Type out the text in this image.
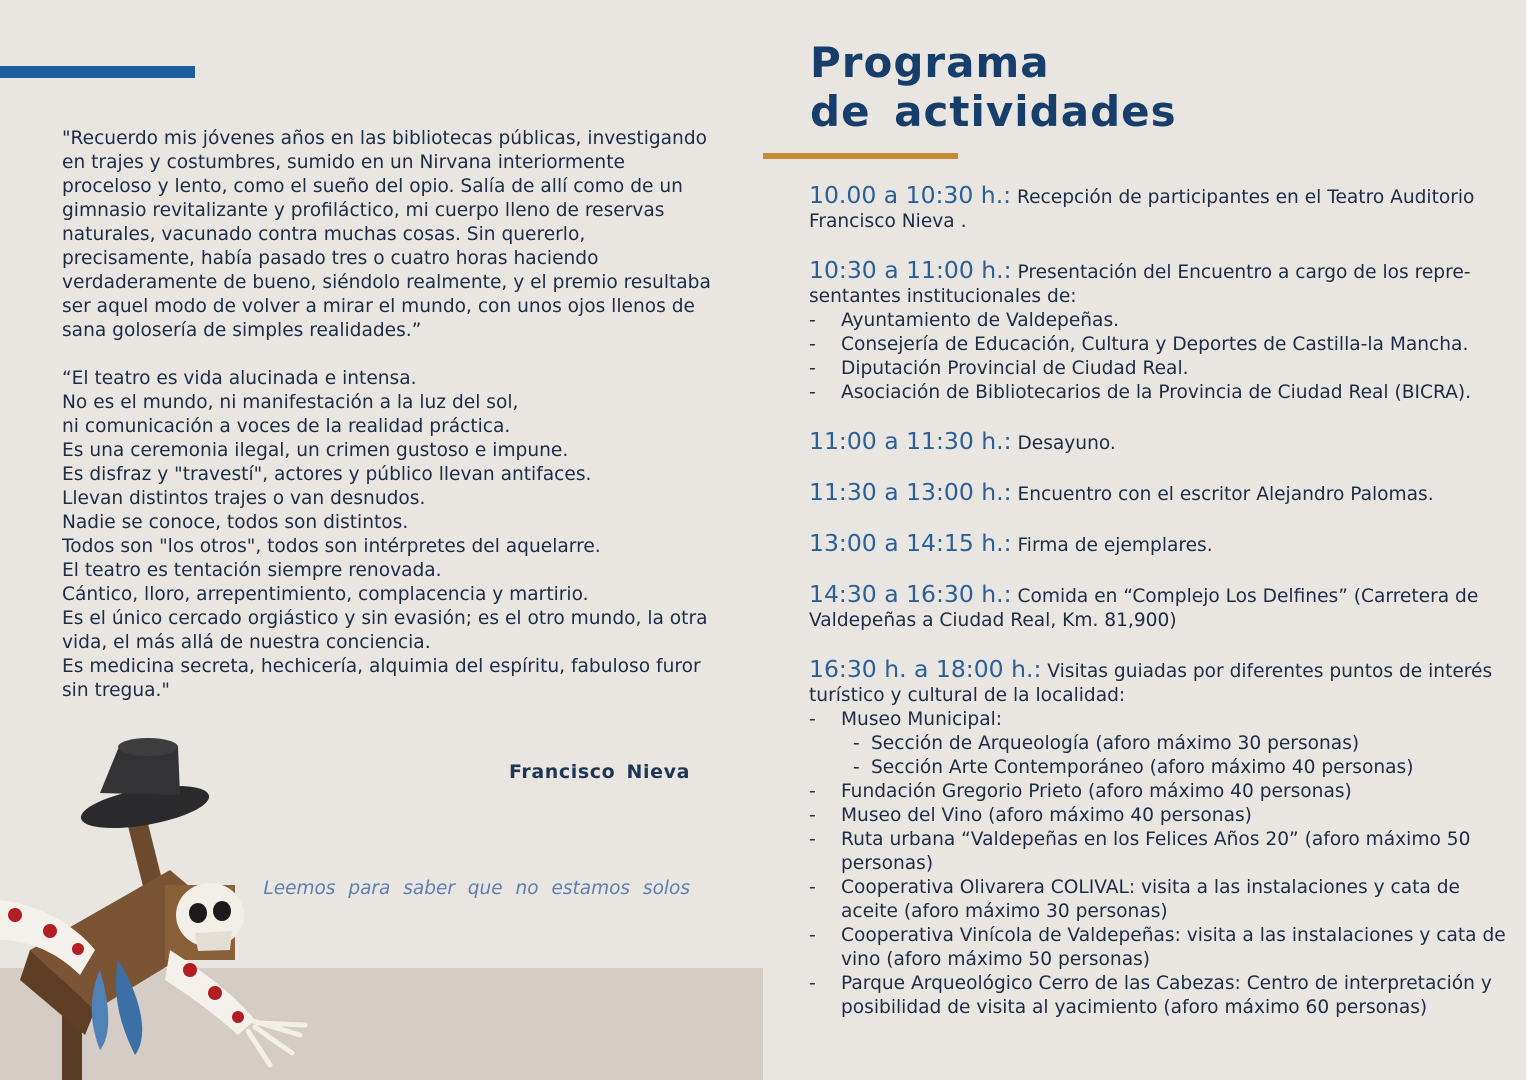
"Recuerdo mis jóvenes años en las bibliotecas públicas, investigando en trajes y costumbres, sumido en un Nirvana interiormente proceloso y lento, como el sueño del opio. Salía de allí como de un gimnasio revitalizante y profiláctico, mi cuerpo lleno de reservas naturales, vacunado contra muchas cosas. Sin quererlo, precisamente, había pasado tres o cuatro horas haciendo verdaderamente de bueno, siéndolo realmente, y el premio resultaba ser aquel modo de volver a mirar el mundo, con unos ojos llenos de sana golosería de simples realidades.”

“El teatro es vida alucinada e intensa.
No es el mundo, ni manifestación a la luz del sol,
ni comunicación a voces de la realidad práctica.
Es una ceremonia ilegal, un crimen gustoso e impune.
Es disfraz y "travestí", actores y público llevan antifaces.
Llevan distintos trajes o van desnudos.
Nadie se conoce, todos son distintos.
Todos son "los otros", todos son intérpretes del aquelarre.
El teatro es tentación siempre renovada.
Cántico, lloro, arrepentimiento, complacencia y martirio.
Es el único cercado orgiástico y sin evasión; es el otro mundo, la otra vida, el más allá de nuestra conciencia.
Es medicina secreta, hechicería, alquimia del espíritu, fabuloso furor sin tregua."

Francisco Nieva
Leemos para saber que no estamos solos
Programa
de actividades
10.00 a 10:30 h.: Recepción de participantes en el Teatro Auditorio Francisco Nieva .
10:30 a 11:00 h.: Presentación del Encuentro a cargo de los repre-sentantes institucionales de:
- Ayuntamiento de Valdepeñas.
- Consejería de Educación, Cultura y Deportes de Castilla-la Mancha.
- Diputación Provincial de Ciudad Real.
- Asociación de Bibliotecarios de la Provincia de Ciudad Real (BICRA).
11:00 a 11:30 h.: Desayuno.
11:30 a 13:00 h.: Encuentro con el escritor Alejandro Palomas.
13:00 a 14:15 h.: Firma de ejemplares.
14:30 a 16:30 h.: Comida en “Complejo Los Delfines” (Carretera de Valdepeñas a Ciudad Real, Km. 81,900)
16:30 h. a 18:00 h.: Visitas guiadas por diferentes puntos de interés turístico y cultural de la localidad:
- Museo Municipal:
- Sección de Arqueología (aforo máximo 30 personas)
- Sección Arte Contemporáneo (aforo máximo 40 personas)
- Fundación Gregorio Prieto (aforo máximo 40 personas)
- Museo del Vino (aforo máximo 40 personas)
- Ruta urbana “Valdepeñas en los Felices Años 20” (aforo máximo 50 personas)
- Cooperativa Olivarera COLIVAL: visita a las instalaciones y cata de aceite (aforo máximo 30 personas)
- Cooperativa Vinícola de Valdepeñas: visita a las instalaciones y cata de vino (aforo máximo 50 personas)
- Parque Arqueológico Cerro de las Cabezas: Centro de interpretación y posibilidad de visita al yacimiento (aforo máximo 60 personas)
